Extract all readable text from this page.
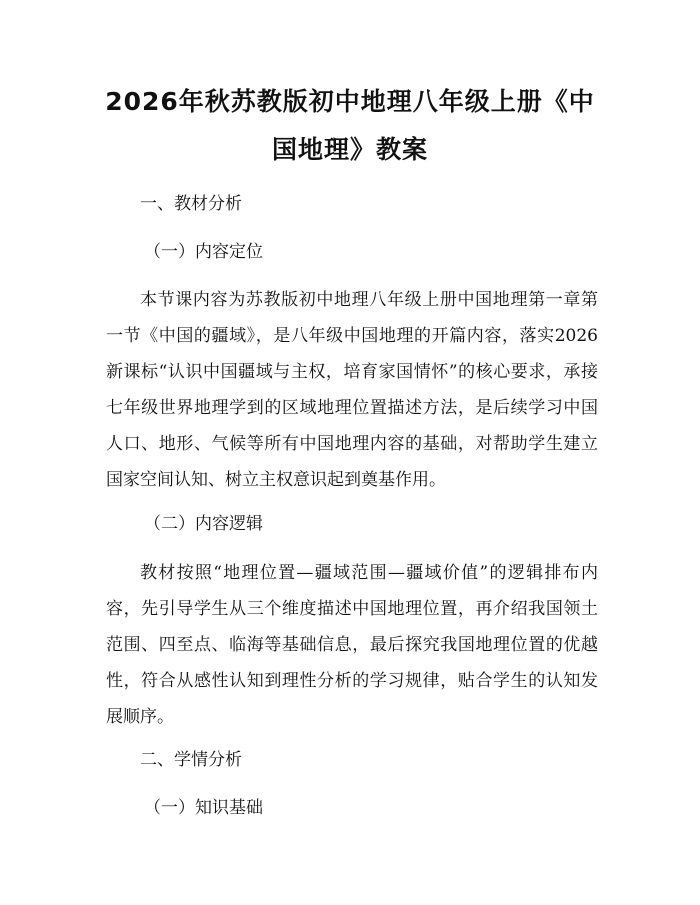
2026年秋苏教版初中地理八年级上册《中国地理》教案

一、教材分析

（一）内容定位

本节课内容为苏教版初中地理八年级上册中国地理第一章第一节《中国的疆域》，是八年级中国地理的开篇内容，落实2026新课标“认识中国疆域与主权，培育家国情怀”的核心要求，承接七年级世界地理学到的区域地理位置描述方法，是后续学习中国人口、地形、气候等所有中国地理内容的基础，对帮助学生建立国家空间认知、树立主权意识起到奠基作用。

（二）内容逻辑

教材按照“地理位置—疆域范围—疆域价值”的逻辑排布内容，先引导学生从三个维度描述中国地理位置，再介绍我国领土范围、四至点、临海等基础信息，最后探究我国地理位置的优越性，符合从感性认知到理性分析的学习规律，贴合学生的认知发展顺序。

二、学情分析

（一）知识基础
